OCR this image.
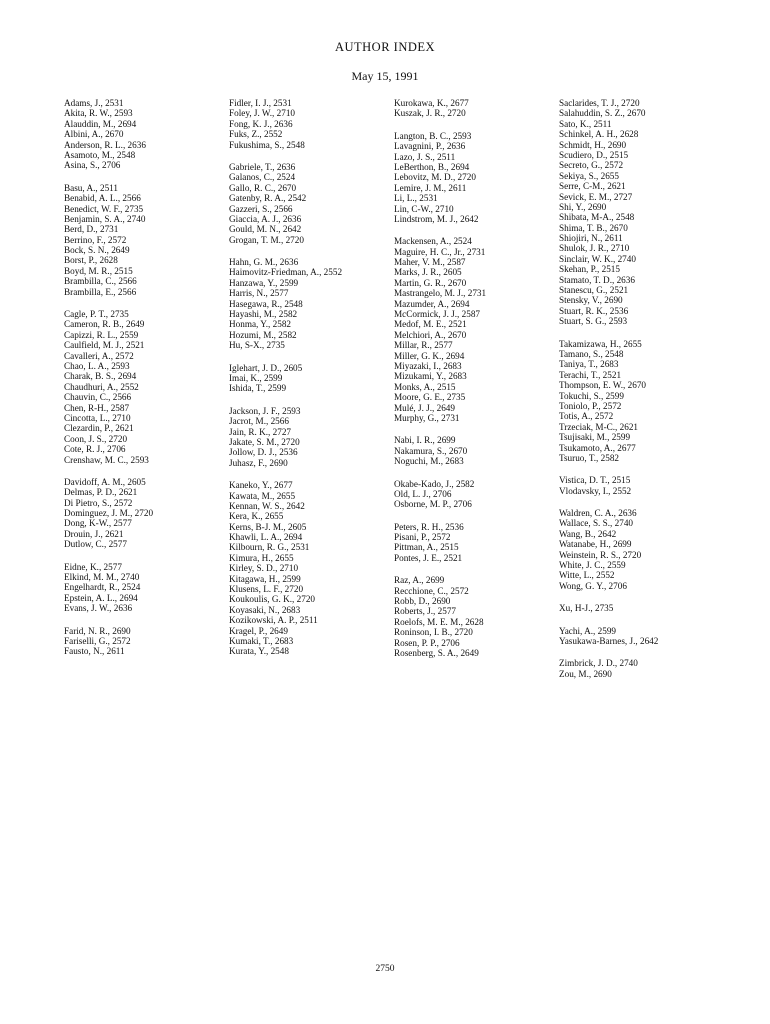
AUTHOR INDEX
May 15, 1991
Adams, J., 2531
Akita, R. W., 2593
Alauddin, M., 2694
Albini, A., 2670
Anderson, R. L., 2636
Asamoto, M., 2548
Asina, S., 2706
Basu, A., 2511
Benabid, A. L., 2566
Benedict, W. F., 2735
Benjamin, S. A., 2740
Berd, D., 2731
Berrino, F., 2572
Bock, S. N., 2649
Borst, P., 2628
Boyd, M. R., 2515
Brambilla, C., 2566
Brambilla, E., 2566
Cagle, P. T., 2735
Cameron, R. B., 2649
Capizzi, R. L., 2559
Caulfield, M. J., 2521
Cavalleri, A., 2572
Chao, L. A., 2593
Charak, B. S., 2694
Chaudhuri, A., 2552
Chauvin, C., 2566
Chen, R-H., 2587
Cincotta, L., 2710
Clezardin, P., 2621
Coon, J. S., 2720
Cote, R. J., 2706
Crenshaw, M. C., 2593
Davidoff, A. M., 2605
Delmas, P. D., 2621
Di Pietro, S., 2572
Dominguez, J. M., 2720
Dong, K-W., 2577
Drouin, J., 2621
Dutlow, C., 2577
Eidne, K., 2577
Elkind, M. M., 2740
Engelhardt, R., 2524
Epstein, A. L., 2694
Evans, J. W., 2636
Farid, N. R., 2690
Fariselli, G., 2572
Fausto, N., 2611
Fidler, I. J., 2531
Foley, J. W., 2710
Fong, K. J., 2636
Fuks, Z., 2552
Fukushima, S., 2548
Gabriele, T., 2636
Galanos, C., 2524
Gallo, R. C., 2670
Gatenby, R. A., 2542
Gazzeri, S., 2566
Giaccia, A. J., 2636
Gould, M. N., 2642
Grogan, T. M., 2720
Hahn, G. M., 2636
Haimovitz-Friedman, A., 2552
Hanzawa, Y., 2599
Harris, N., 2577
Hasegawa, R., 2548
Hayashi, M., 2582
Honma, Y., 2582
Hozumi, M., 2582
Hu, S-X., 2735
Iglehart, J. D., 2605
Imai, K., 2599
Ishida, T., 2599
Jackson, J. F., 2593
Jacrot, M., 2566
Jain, R. K., 2727
Jakate, S. M., 2720
Jollow, D. J., 2536
Juhasz, F., 2690
Kaneko, Y., 2677
Kawata, M., 2655
Kennan, W. S., 2642
Kera, K., 2655
Kerns, B-J. M., 2605
Khawli, L. A., 2694
Kilbourn, R. G., 2531
Kimura, H., 2655
Kirley, S. D., 2710
Kitagawa, H., 2599
Klusens, L. F., 2720
Koukoulis, G. K., 2720
Koyasaki, N., 2683
Kozikowski, A. P., 2511
Kragel, P., 2649
Kumaki, T., 2683
Kurata, Y., 2548
Kurokawa, K., 2677
Kuszak, J. R., 2720
Langton, B. C., 2593
Lavagnini, P., 2636
Lazo, J. S., 2511
LeBerthon, B., 2694
Lebovitz, M. D., 2720
Lemire, J. M., 2611
Li, L., 2531
Lin, C-W., 2710
Lindstrom, M. J., 2642
Mackensen, A., 2524
Maguire, H. C., Jr., 2731
Maher, V. M., 2587
Marks, J. R., 2605
Martin, G. R., 2670
Mastrangelo, M. J., 2731
Mazumder, A., 2694
McCormick, J. J., 2587
Medof, M. E., 2521
Melchiori, A., 2670
Millar, R., 2577
Miller, G. K., 2694
Miyazaki, I., 2683
Mizukami, Y., 2683
Monks, A., 2515
Moore, G. E., 2735
Mulé, J. J., 2649
Murphy, G., 2731
Nabi, I. R., 2699
Nakamura, S., 2670
Noguchi, M., 2683
Okabe-Kado, J., 2582
Old, L. J., 2706
Osborne, M. P., 2706
Peters, R. H., 2536
Pisani, P., 2572
Pittman, A., 2515
Pontes, J. E., 2521
Raz, A., 2699
Recchione, C., 2572
Robb, D., 2690
Roberts, J., 2577
Roelofs, M. E. M., 2628
Roninson, I. B., 2720
Rosen, P. P., 2706
Rosenberg, S. A., 2649
Saclarides, T. J., 2720
Salahuddin, S. Z., 2670
Sato, K., 2511
Schinkel, A. H., 2628
Schmidt, H., 2690
Scudiero, D., 2515
Secreto, G., 2572
Sekiya, S., 2655
Serre, C-M., 2621
Sevick, E. M., 2727
Shi, Y., 2690
Shibata, M-A., 2548
Shima, T. B., 2670
Shiojiri, N., 2611
Shulok, J. R., 2710
Sinclair, W. K., 2740
Skehan, P., 2515
Stamato, T. D., 2636
Stanescu, G., 2521
Stensky, V., 2690
Stuart, R. K., 2536
Stuart, S. G., 2593
Takamizawa, H., 2655
Tamano, S., 2548
Taniya, T., 2683
Terachi, T., 2521
Thompson, E. W., 2670
Tokuchi, S., 2599
Toniolo, P., 2572
Totis, A., 2572
Trzeciak, M-C., 2621
Tsujisaki, M., 2599
Tsukamoto, A., 2677
Tsuruo, T., 2582
Vistica, D. T., 2515
Vlodavsky, I., 2552
Waldren, C. A., 2636
Wallace, S. S., 2740
Wang, B., 2642
Watanabe, H., 2699
Weinstein, R. S., 2720
White, J. C., 2559
Witte, L., 2552
Wong, G. Y., 2706
Xu, H-J., 2735
Yachi, A., 2599
Yasukawa-Barnes, J., 2642
Zimbrick, J. D., 2740
Zou, M., 2690
2750
